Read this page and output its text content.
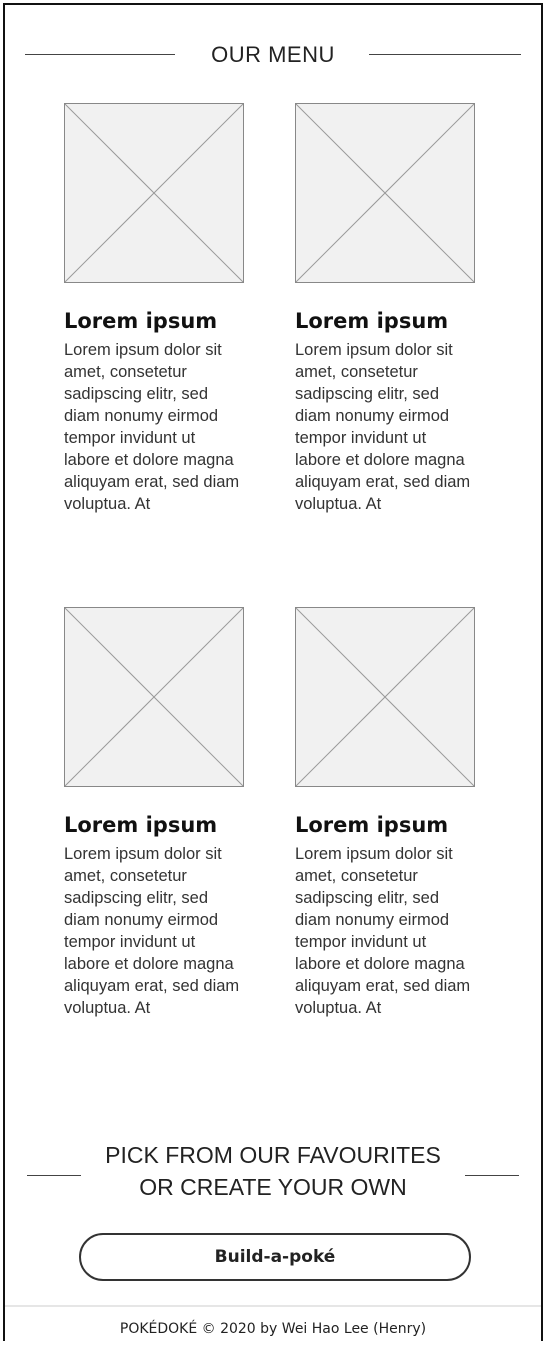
OUR MENU
Lorem ipsum
Lorem ipsum dolor sit amet, consetetur sadipscing elitr, sed diam nonumy eirmod tempor invidunt ut labore et dolore magna aliquyam erat, sed diam voluptua. At
Lorem ipsum
Lorem ipsum dolor sit amet, consetetur sadipscing elitr, sed diam nonumy eirmod tempor invidunt ut labore et dolore magna aliquyam erat, sed diam voluptua. At
Lorem ipsum
Lorem ipsum dolor sit amet, consetetur sadipscing elitr, sed diam nonumy eirmod tempor invidunt ut labore et dolore magna aliquyam erat, sed diam voluptua. At
Lorem ipsum
Lorem ipsum dolor sit amet, consetetur sadipscing elitr, sed diam nonumy eirmod tempor invidunt ut labore et dolore magna aliquyam erat, sed diam voluptua. At
PICK FROM OUR FAVOURITES
OR CREATE YOUR OWN
Build-a-poké
POKÉDOKÉ © 2020 by Wei Hao Lee (Henry)
